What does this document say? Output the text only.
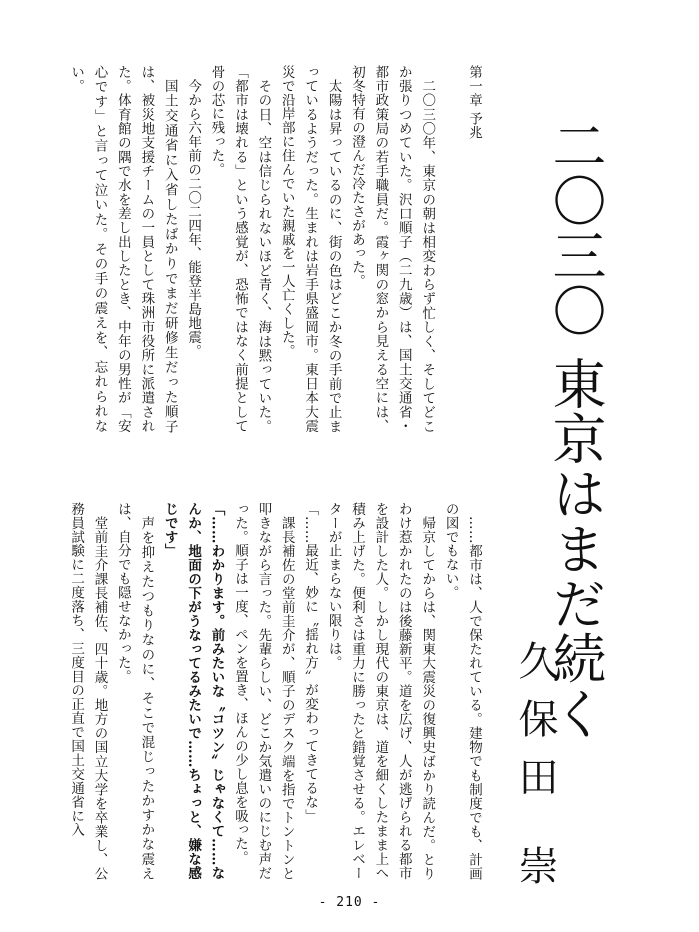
二〇三〇 東京はまだ続く
久保田 崇
第一章 予兆

二〇三〇年、東京の朝は相変わらず忙しく、そしてどこか張りつめていた。沢口順子（二九歳）は、国土交通省・都市政策局の若手職員だ。霞ヶ関の窓から見える空には、初冬特有の澄んだ冷たさがあった。

太陽は昇っているのに、街の色はどこか冬の手前で止まっているようだった。生まれは岩手県盛岡市。東日本大震災で沿岸部に住んでいた親戚を一人亡くした。

その日、空は信じられないほど青く、海は黙っていた。「都市は壊れる」という感覚が、恐怖ではなく前提として骨の芯に残った。

今から六年前の二〇二四年、能登半島地震。

国土交通省に入省したばかりでまだ研修生だった順子は、被災地支援チームの一員として珠洲市役所に派遣された。体育館の隅で水を差し出したとき、中年の男性が「安心です」と言って泣いた。その手の震えを、忘れられない。

……都市は、人で保たれている。建物でも制度でも、計画の図でもない。

帰京してからは、関東大震災の復興史ばかり読んだ。とりわけ惹かれたのは後藤新平。道を広げ、人が逃げられる都市を設計した人。しかし現代の東京は、道を細くしたまま上へ積み上げた。便利さは重力に勝ったと錯覚させる。エレベーターが止まらない限りは。

「……最近、妙に〝揺れ方〟が変わってきてるな」

課長補佐の堂前圭介が、順子のデスク端を指でトントンと叩きながら言った。先輩らしい、どこか気遣いのにじむ声だった。順子は一度、ペンを置き、ほんの少し息を吸った。

「……わかります。前みたいな〝コツン〟じゃなくて……なんか、地面の下がうなってるみたいで……ちょっと、嫌な感じです」

声を抑えたつもりなのに、そこで混じったかすかな震えは、自分でも隠せなかった。

堂前圭介課長補佐、四十歳。地方の国立大学を卒業し、公務員試験に二度落ち、三度目の正直で国土交通省に入

- 210 -
